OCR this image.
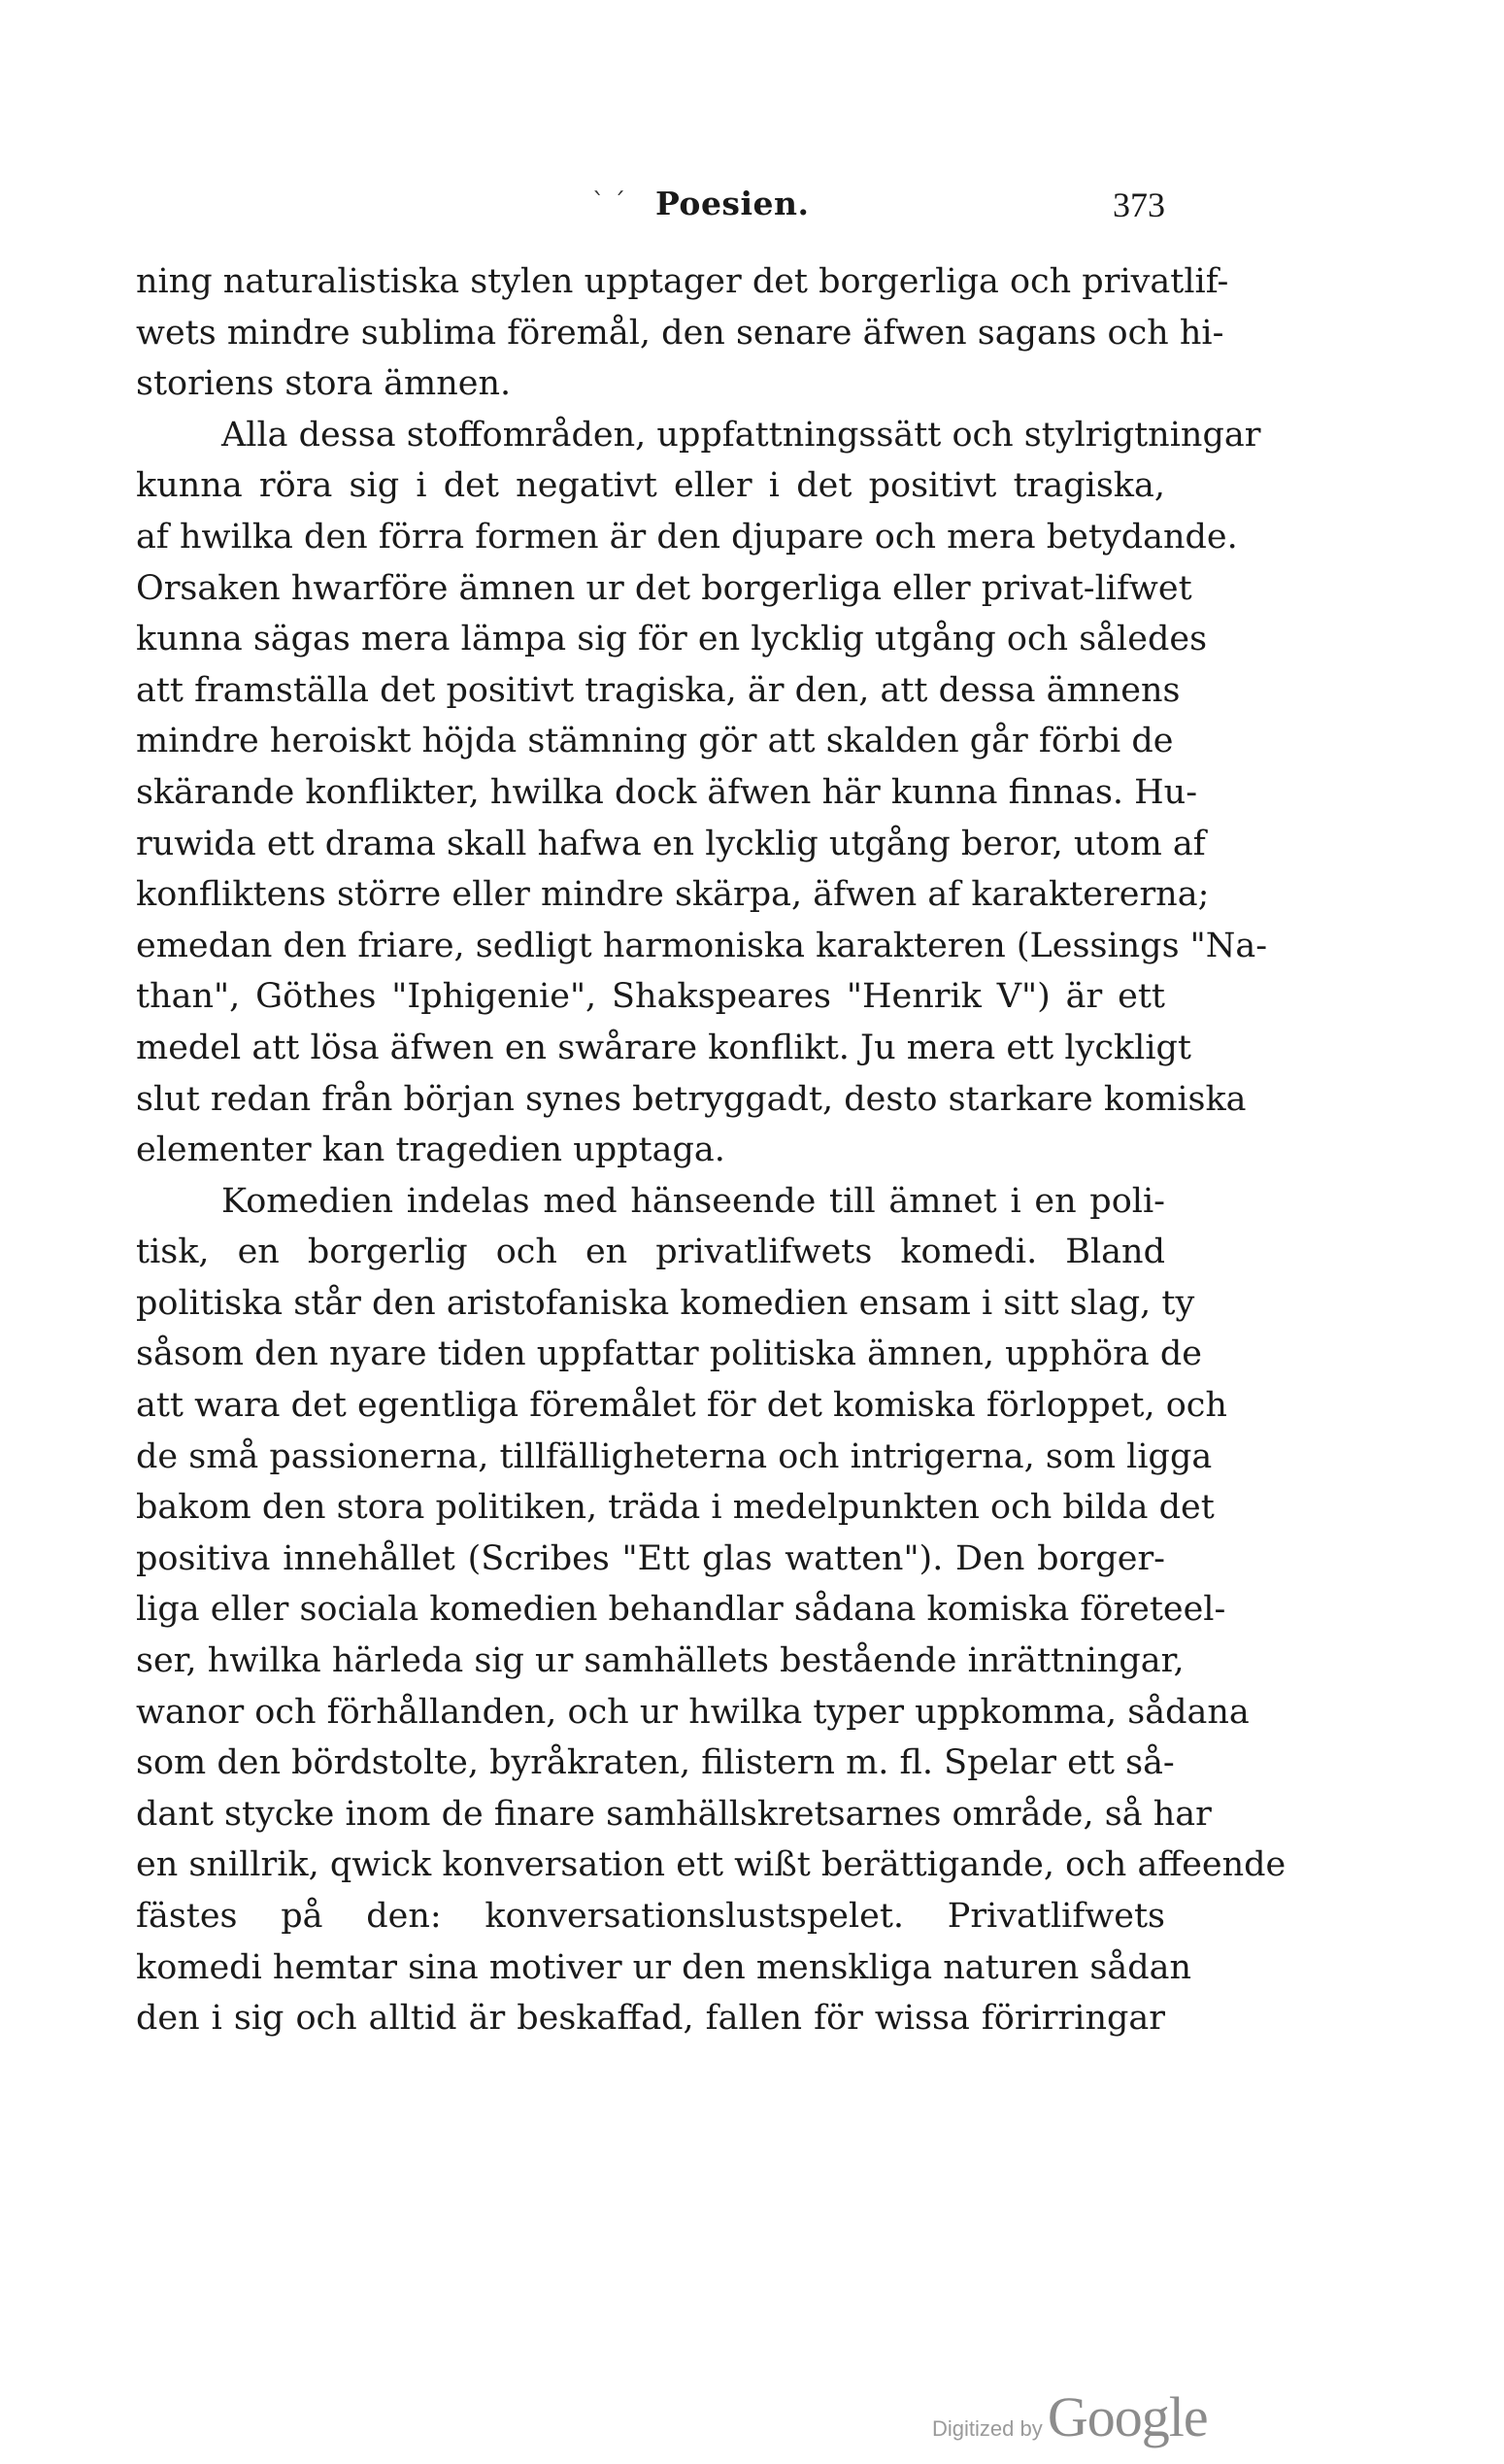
` ´ Poesien.	373
ning naturalistiska stylen upptager det borgerliga och privatlif-
wets mindre sublima föremål, den senare äfwen sagans och hi-
storiens stora ämnen.
Alla dessa stoffområden, uppfattningssätt och stylrigtningar
kunna röra sig i det negativt eller i det positivt tragiska,
af hwilka den förra formen är den djupare och mera betydande.
Orsaken hwarföre ämnen ur det borgerliga eller privat-lifwet
kunna sägas mera lämpa sig för en lycklig utgång och således
att framställa det positivt tragiska, är den, att dessa ämnens
mindre heroiskt höjda stämning gör att skalden går förbi de
skärande konflikter, hwilka dock äfwen här kunna finnas. Hu-
ruwida ett drama skall hafwa en lycklig utgång beror, utom af
konfliktens större eller mindre skärpa, äfwen af karaktererna;
emedan den friare, sedligt harmoniska karakteren (Lessings "Na-
than", Göthes "Iphigenie", Shakspeares "Henrik V") är ett
medel att lösa äfwen en swårare konflikt. Ju mera ett lyckligt
slut redan från början synes betryggadt, desto starkare komiska
elementer kan tragedien upptaga.
Komedien indelas med hänseende till ämnet i en poli-
tisk, en borgerlig och en privatlifwets komedi. Bland
politiska står den aristofaniska komedien ensam i sitt slag, ty
såsom den nyare tiden uppfattar politiska ämnen, upphöra de
att wara det egentliga föremålet för det komiska förloppet, och
de små passionerna, tillfälligheterna och intrigerna, som ligga
bakom den stora politiken, träda i medelpunkten och bilda det
positiva innehållet (Scribes "Ett glas watten"). Den borger-
liga eller sociala komedien behandlar sådana komiska företeel-
ser, hwilka härleda sig ur samhällets bestående inrättningar,
wanor och förhållanden, och ur hwilka typer uppkomma, sådana
som den bördstolte, byråkraten, filistern m. fl. Spelar ett så-
dant stycke inom de finare samhällskretsarnes område, så har
en snillrik, qwick konversation ett wißt berättigande, och affeende
fästes på den: konversationslustspelet. Privatlifwets
komedi hemtar sina motiver ur den menskliga naturen sådan
den i sig och alltid är beskaffad, fallen för wissa förirringar
Digitized by Google
